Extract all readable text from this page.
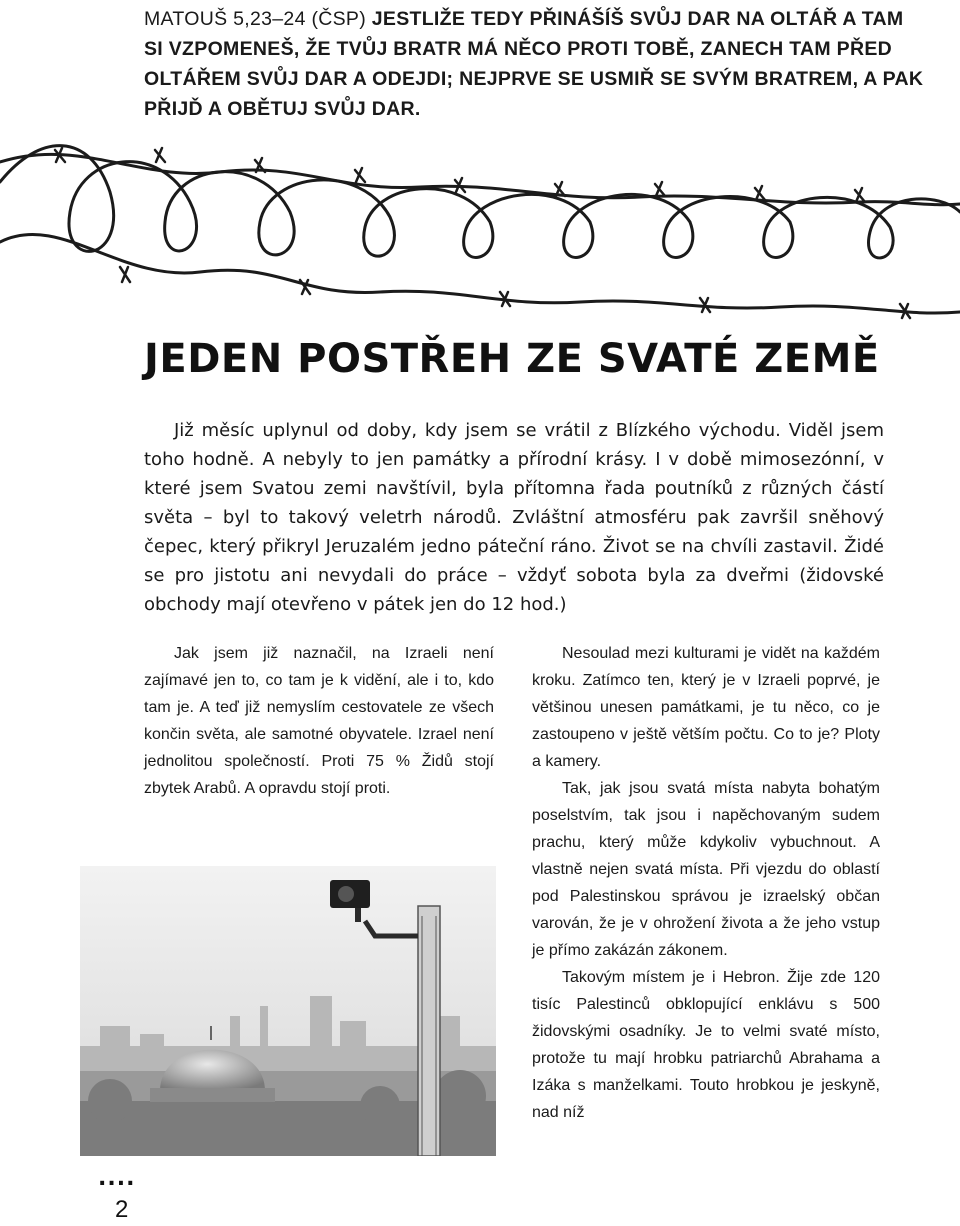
MATOUŠ 5,23–24 (ČSP) JESTLIŽE TEDY PŘINÁŠÍŠ SVŮJ DAR NA OLTÁŘ A TAM SI VZPOMENEŠ, ŽE TVŮJ BRATR MÁ NĚCO PROTI TOBĚ, ZANECH TAM PŘED OLTÁŘEM SVŮJ DAR A ODEJDI; NEJPRVE SE USMIŘ SE SVÝM BRATREM, A PAK PŘIJĎ A OBĚTUJ SVŮJ DAR.
JEDEN POSTŘEH ZE SVATÉ ZEMĚ
Již měsíc uplynul od doby, kdy jsem se vrátil z Blízkého východu. Viděl jsem toho hodně. A nebyly to jen památky a přírodní krásy. I v době mimosezónní, v které jsem Svatou zemi navštívil, byla přítomna řada poutníků z různých částí světa – byl to takový veletrh národů. Zvláštní atmosféru pak završil sněhový čepec, který přikryl Jeruzalém jedno páteční ráno. Život se na chvíli zastavil. Židé se pro jistotu ani nevydali do práce – vždyť sobota byla za dveřmi (židovské obchody mají otevřeno v pátek jen do 12 hod.)
Jak jsem již naznačil, na Izraeli není zajímavé jen to, co tam je k vidění, ale i to, kdo tam je. A teď již nemyslím cestovatele ze všech končin světa, ale samotné obyvatele. Izrael není jednolitou společností. Proti 75 % Židů stojí zbytek Arabů. A opravdu stojí proti.

Nesoulad mezi kulturami je vidět na každém kroku. Zatímco ten, který je v Izraeli poprvé, je většinou unesen památkami, je tu něco, co je zastoupeno v ještě větším počtu. Co to je? Ploty a kamery.

Tak, jak jsou svatá místa nabyta bohatým poselstvím, tak jsou i napěchovaným sudem prachu, který může kdykoliv vybuchnout. A vlastně nejen svatá místa. Při vjezdu do oblastí pod Palestinskou správou je izraelský občan varován, že je v ohrožení života a že jeho vstup je přímo zakázán zákonem.

Takovým místem je i Hebron. Žije zde 120 tisíc Palestinců obklopující enklávu s 500 židovskými osadníky. Je to velmi svaté místo, protože tu mají hrobku patriarchů Abrahama a Izáka s manželkami. Touto hrobkou je jeskyně, nad níž

....
2
